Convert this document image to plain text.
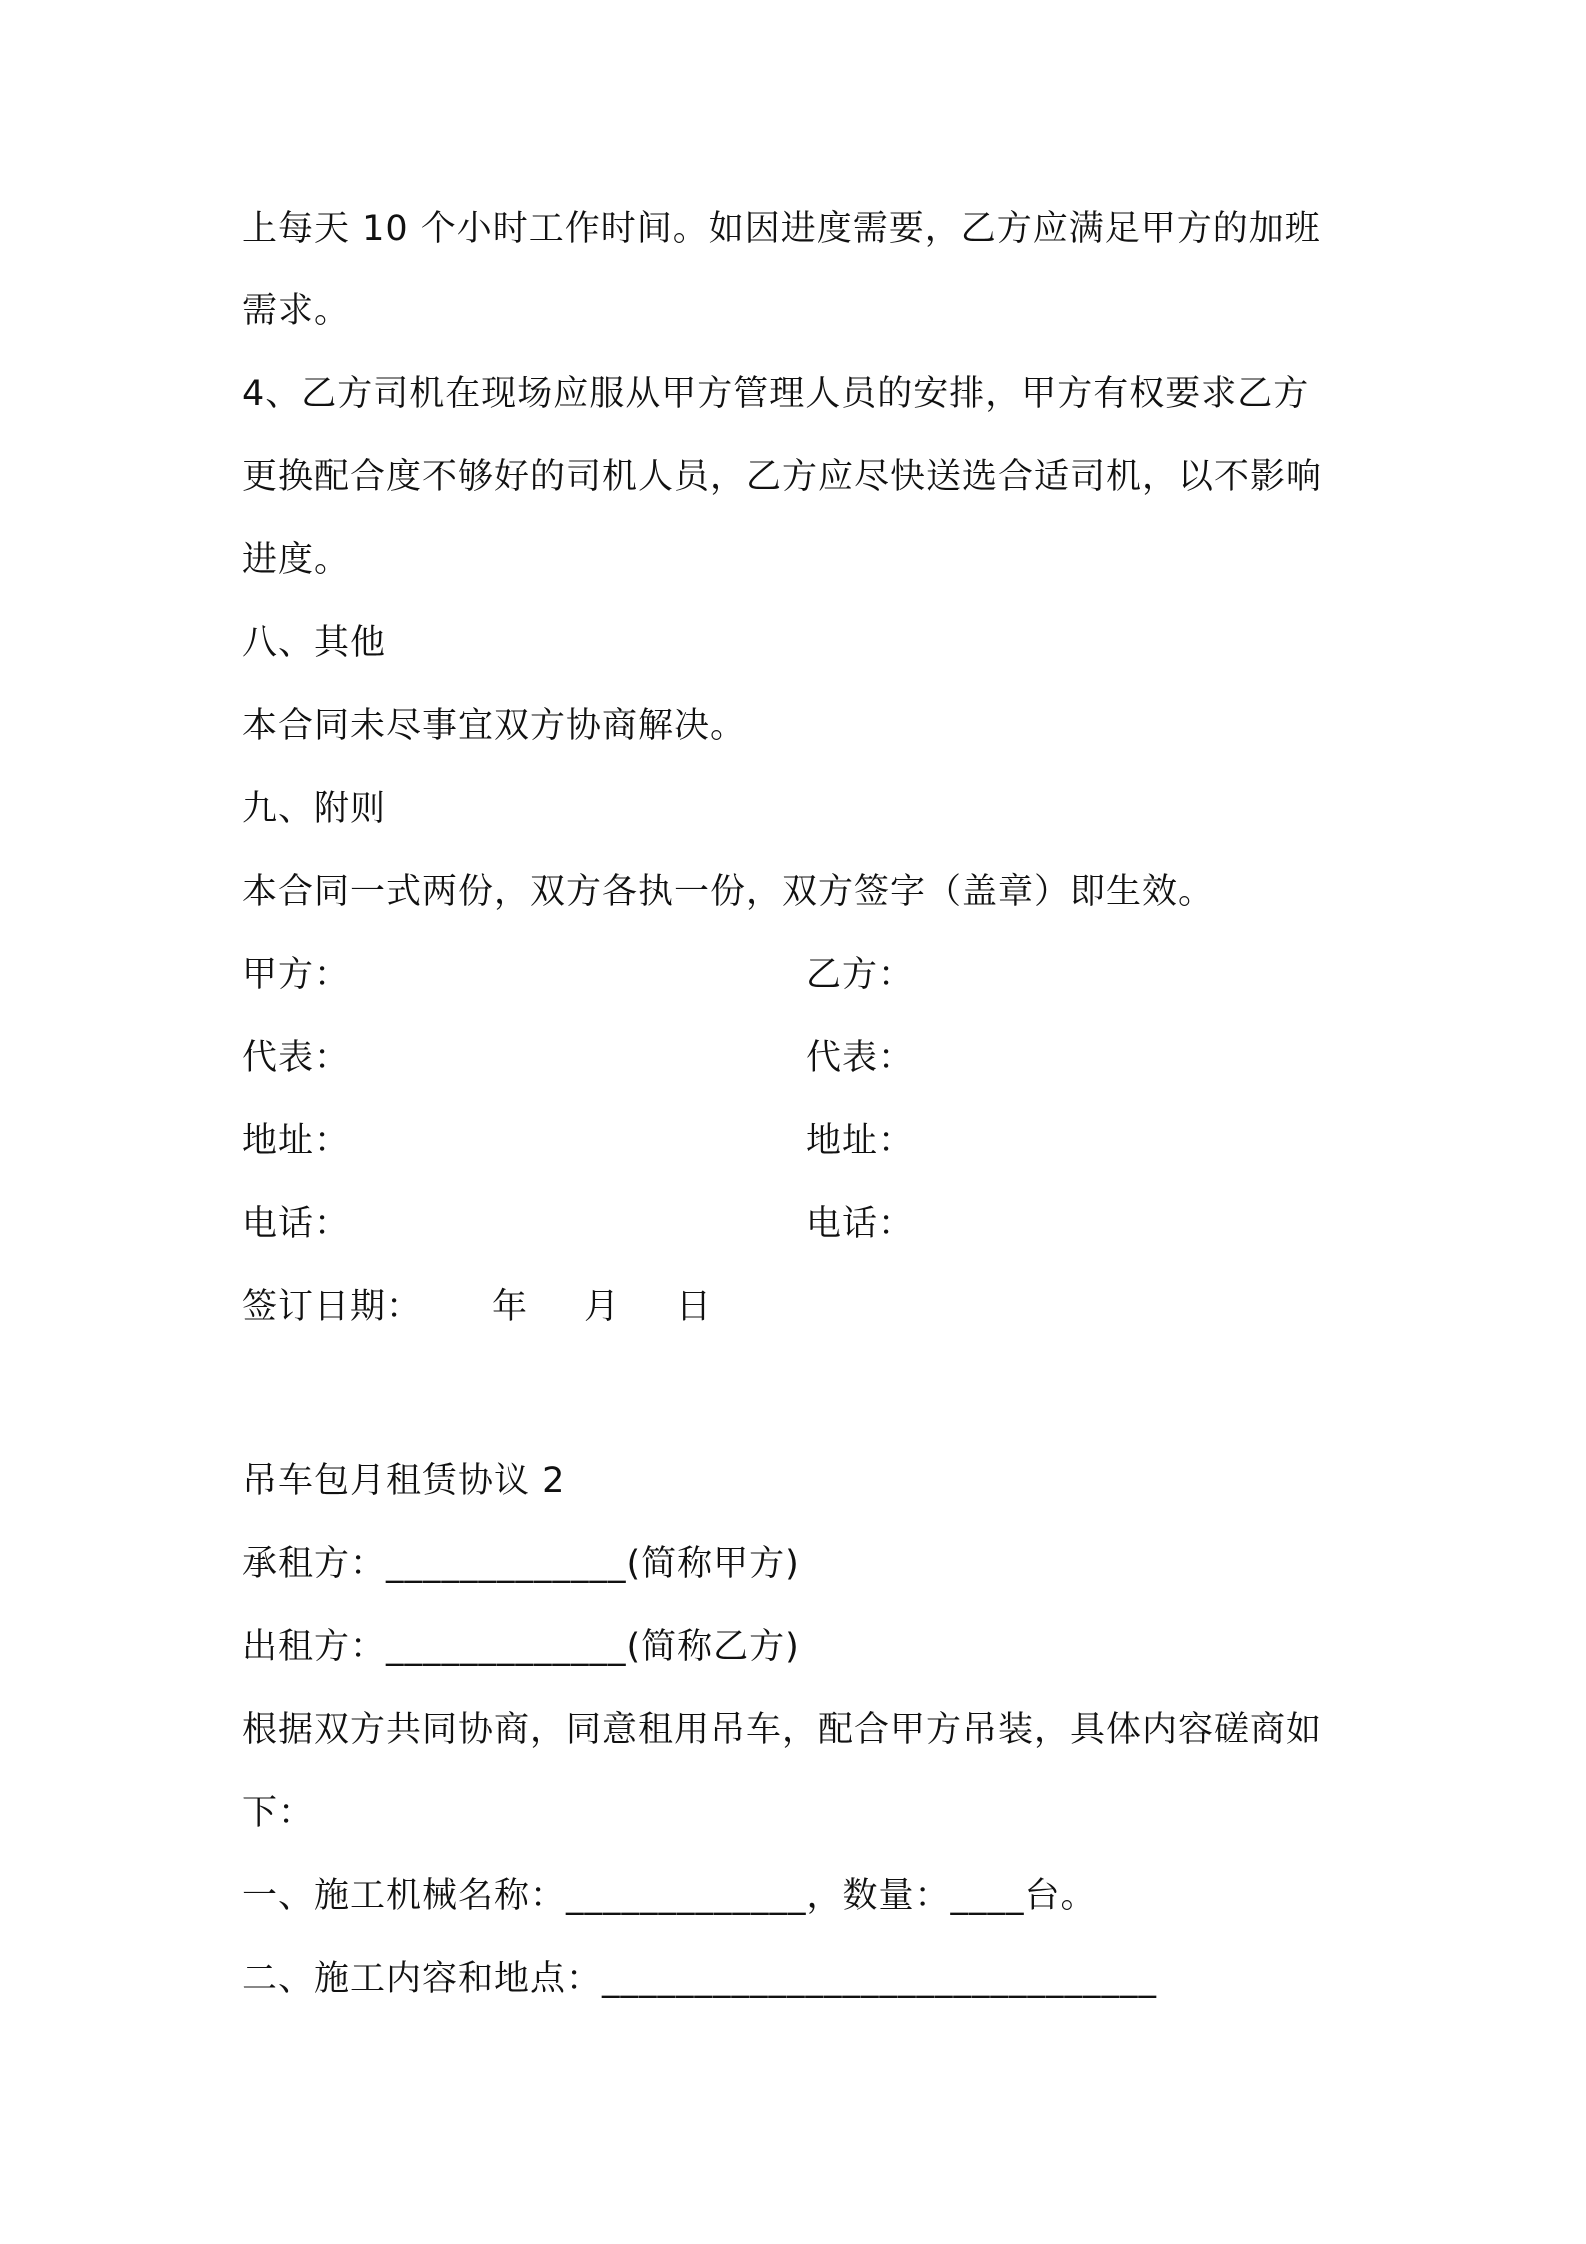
上每天 10 个小时工作时间。如因进度需要，乙方应满足甲方的加班
需求。
4、乙方司机在现场应服从甲方管理人员的安排，甲方有权要求乙方
更换配合度不够好的司机人员，乙方应尽快送选合适司机，以不影响
进度。
八、其他
本合同未尽事宜双方协商解决。
九、附则
本合同一式两份，双方各执一份，双方签字（盖章）即生效。
甲方：	乙方：
代表：	代表：
地址：	地址：
电话：	电话：
签订日期： 年 月 日
吊车包月租赁协议 2
承租方：_____________(简称甲方)
出租方：_____________(简称乙方)
根据双方共同协商，同意租用吊车，配合甲方吊装，具体内容磋商如
下：
一、施工机械名称：_____________，数量：____台。
二、施工内容和地点：______________________________
